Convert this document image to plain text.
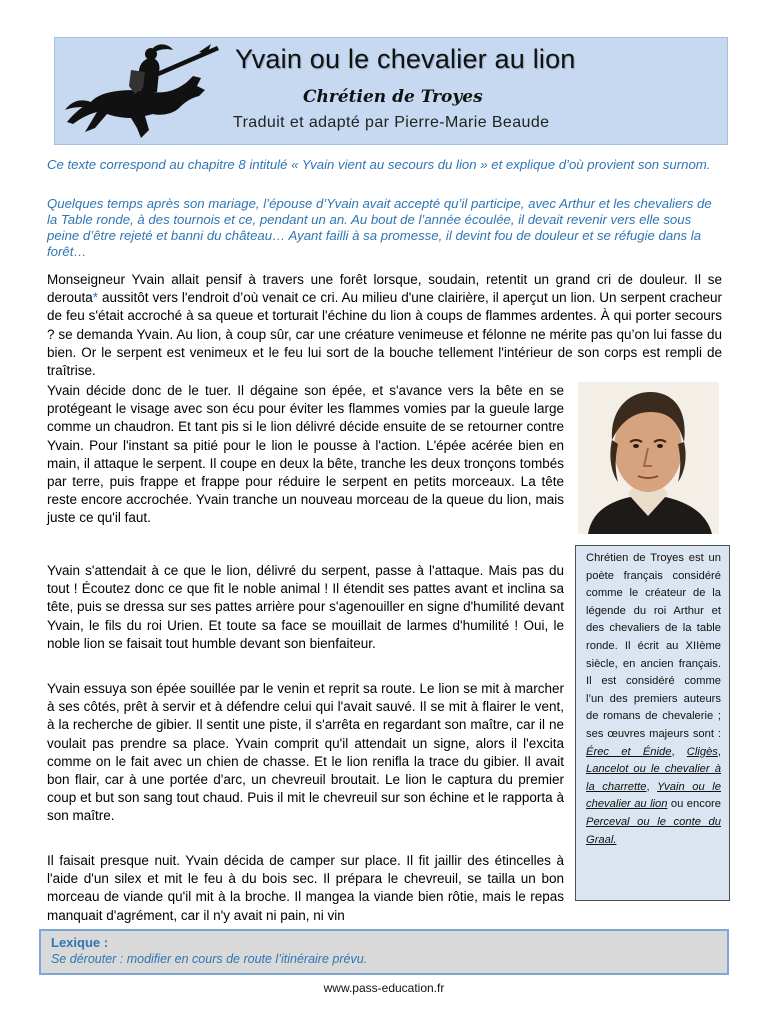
Yvain ou le chevalier au lion
Chrétien de Troyes
Traduit et adapté par Pierre-Marie Beaude

Ce texte correspond au chapitre 8 intitulé « Yvain vient au secours du lion » et explique d’où provient son surnom.

Quelques temps après son mariage, l’épouse d’Yvain avait accepté qu’il participe, avec Arthur et les chevaliers de la Table ronde, à des tournois et ce, pendant un an. Au bout de l’année écoulée, il devait revenir vers elle sous peine d’être rejeté et banni du château… Ayant failli à sa promesse, il devint fou de douleur et se réfugie dans la forêt…

Monseigneur Yvain allait pensif à travers une forêt lorsque, soudain, retentit un grand cri de douleur. Il se derouta* aussitôt vers l'endroit d’où venait ce cri. Au milieu d'une clairière, il aperçut un lion. Un serpent cracheur de feu s'était accroché à sa queue et torturait l'échine du lion à coups de flammes ardentes. À qui porter secours ? se demanda Yvain. Au lion, à coup sûr, car une créature venimeuse et félonne ne mérite pas qu’on lui fasse du bien. Or le serpent est venimeux et le feu lui sort de la bouche tellement l'intérieur de son corps est rempli de traîtrise.

Yvain décide donc de le tuer. Il dégaine son épée, et s'avance vers la bête en se protégeant le visage avec son écu pour éviter les flammes vomies par la gueule large comme un chaudron. Et tant pis si le lion délivré décide ensuite de se retourner contre Yvain. Pour l'instant sa pitié pour le lion le pousse à l'action. L'épée acérée bien en main, il attaque le serpent. Il coupe en deux la bête, tranche les deux tronçons tombés par terre, puis frappe et frappe pour réduire le serpent en petits morceaux. La tête reste encore accrochée. Yvain tranche un nouveau morceau de la queue du lion, mais juste ce qu'il faut.

Yvain s'attendait à ce que le lion, délivré du serpent, passe à l'attaque. Mais pas du tout ! Écoutez donc ce que fit le noble animal ! Il étendit ses pattes avant et inclina sa tête, puis se dressa sur ses pattes arrière pour s'agenouiller en signe d'humilité devant Yvain, le fils du roi Urien. Et toute sa face se mouillait de larmes d'humilité ! Oui, le noble lion se faisait tout humble devant son bienfaiteur.

Yvain essuya son épée souillée par le venin et reprit sa route. Le lion se mit à marcher à ses côtés, prêt à servir et à défendre celui qui l'avait sauvé. Il se mit à flairer le vent, à la recherche de gibier. Il sentit une piste, il s'arrêta en regardant son maître, car il ne voulait pas prendre sa place. Yvain comprit qu'il attendait un signe, alors il l'excita comme on le fait avec un chien de chasse. Et le lion renifla la trace du gibier. Il avait bon flair, car à une portée d'arc, un chevreuil broutait. Le lion le captura du premier coup et but son sang tout chaud. Puis il mit le chevreuil sur son échine et le rapporta à son maître.

Il faisait presque nuit. Yvain décida de camper sur place. Il fit jaillir des étincelles à l'aide d'un silex et mit le feu à du bois sec. Il prépara le chevreuil, se tailla un bon morceau de viande qu'il mit à la broche. Il mangea la viande bien rôtie, mais le repas manquait d'agrément, car il n'y avait ni pain, ni vin

Chrétien de Troyes est un poète français considéré comme le créateur de la légende du roi Arthur et des chevaliers de la table ronde. Il écrit au XIIème siècle, en ancien français. Il est considéré comme l’un des premiers auteurs de romans de chevalerie ; ses œuvres majeurs sont : Érec et Énide, Cligès, Lancelot ou le chevalier à la charrette, Yvain ou le chevalier au lion ou encore Perceval ou le conte du Graal.
Lexique :
Se dérouter : modifier en cours de route l’itinéraire prévu.
www.pass-education.fr
